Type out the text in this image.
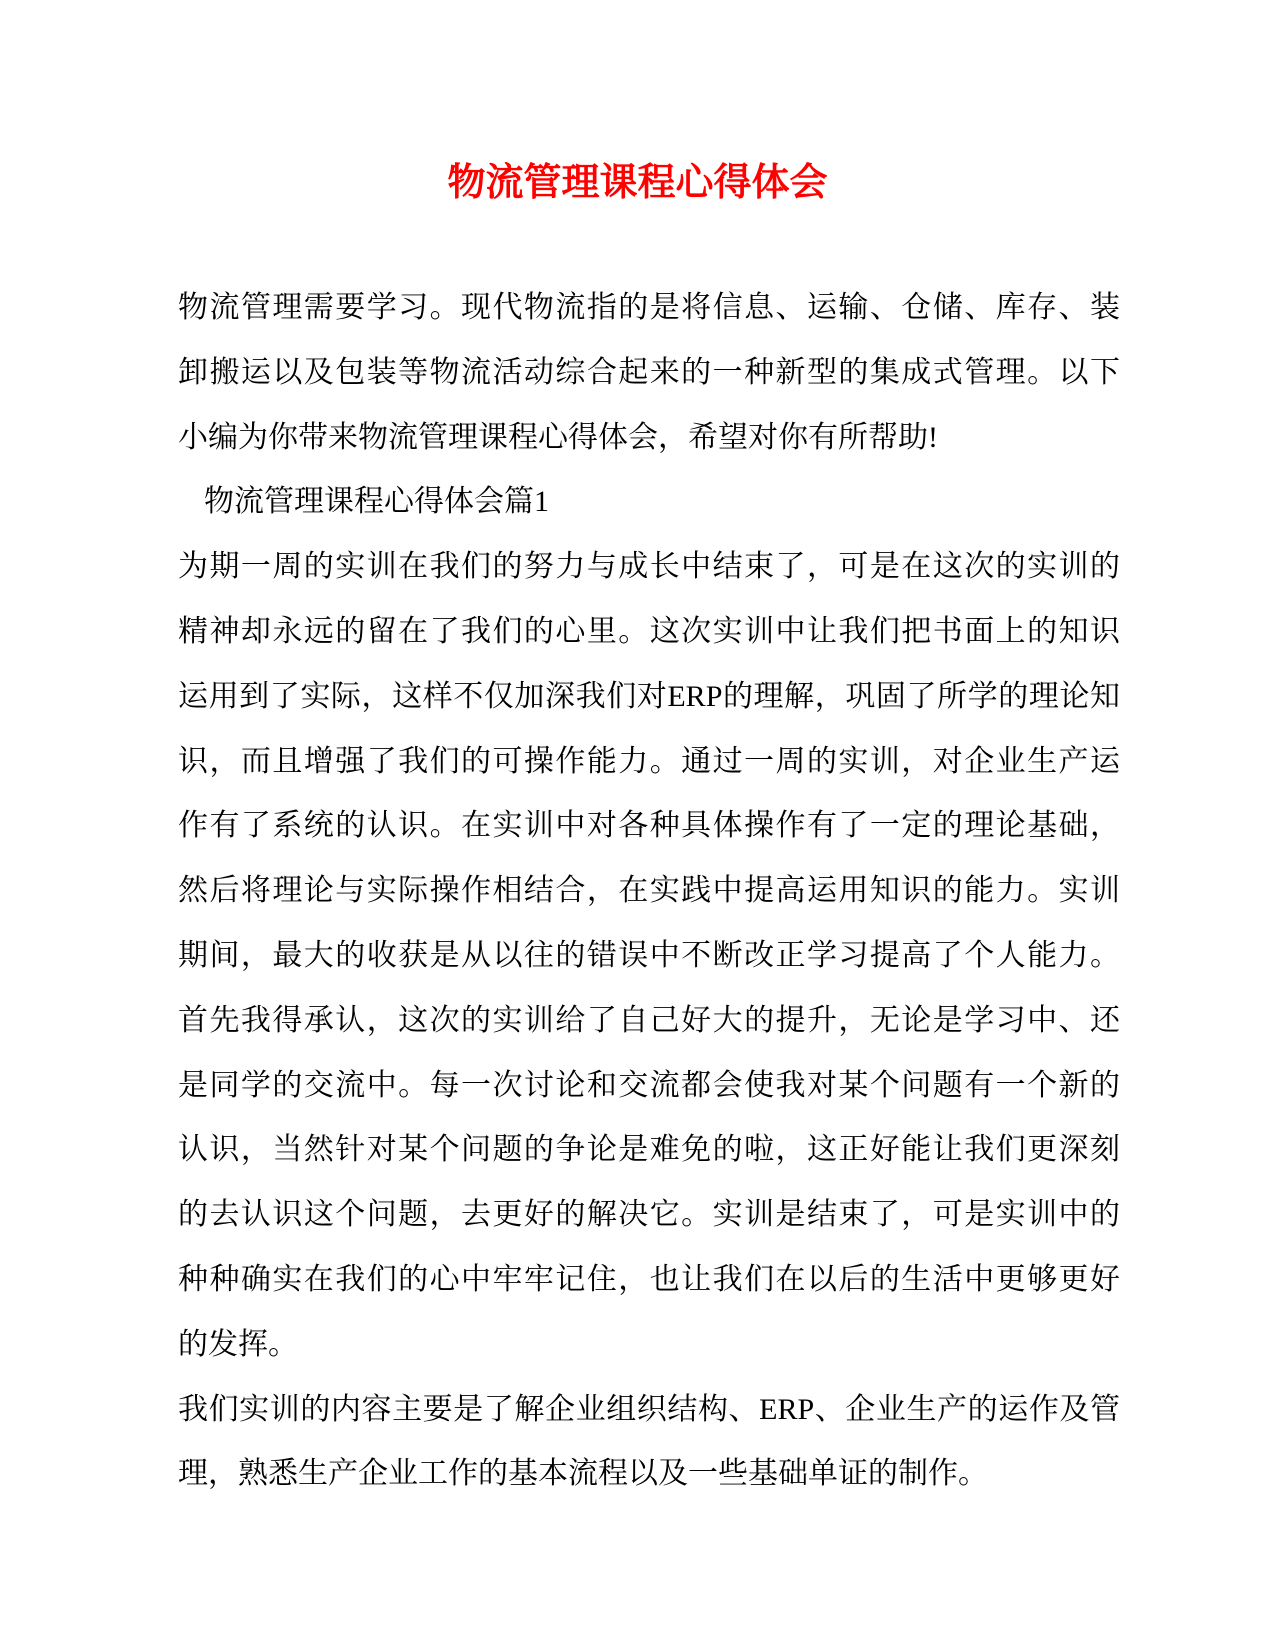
物流管理课程心得体会
物流管理需要学习。现代物流指的是将信息、运输、仓储、库存、装
卸搬运以及包装等物流活动综合起来的一种新型的集成式管理。以下
小编为你带来物流管理课程心得体会，希望对你有所帮助!
物流管理课程心得体会篇1
为期一周的实训在我们的努力与成长中结束了，可是在这次的实训的
精神却永远的留在了我们的心里。这次实训中让我们把书面上的知识
运用到了实际，这样不仅加深我们对ERP的理解，巩固了所学的理论知
识，而且增强了我们的可操作能力。通过一周的实训，对企业生产运
作有了系统的认识。在实训中对各种具体操作有了一定的理论基础，
然后将理论与实际操作相结合，在实践中提高运用知识的能力。实训
期间，最大的收获是从以往的错误中不断改正学习提高了个人能力。
首先我得承认，这次的实训给了自己好大的提升，无论是学习中、还
是同学的交流中。每一次讨论和交流都会使我对某个问题有一个新的
认识，当然针对某个问题的争论是难免的啦，这正好能让我们更深刻
的去认识这个问题，去更好的解决它。实训是结束了，可是实训中的
种种确实在我们的心中牢牢记住，也让我们在以后的生活中更够更好
的发挥。
我们实训的内容主要是了解企业组织结构、ERP、企业生产的运作及管
理，熟悉生产企业工作的基本流程以及一些基础单证的制作。
